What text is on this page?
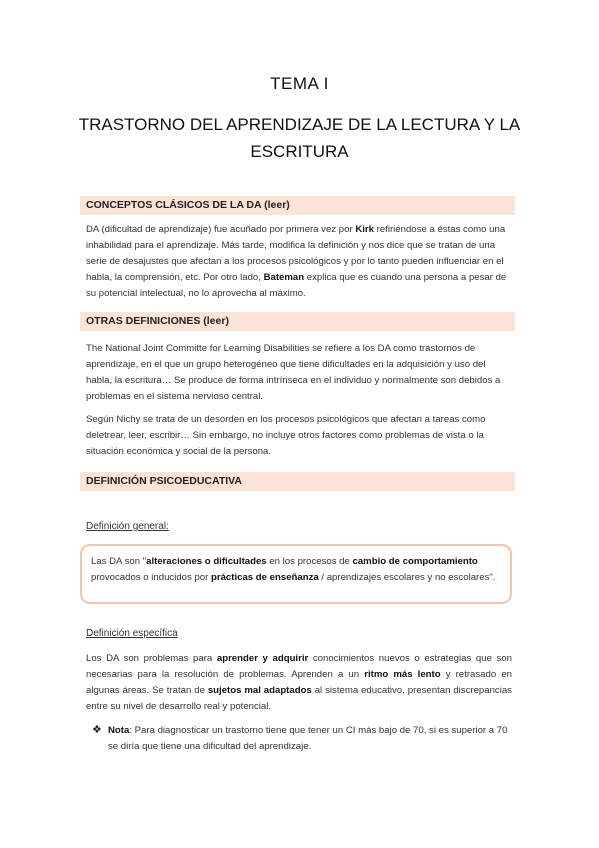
TEMA I
TRASTORNO DEL APRENDIZAJE DE LA LECTURA Y LA ESCRITURA
CONCEPTOS CLÁSICOS DE LA DA (leer)
DA (dificultad de aprendizaje) fue acuñado por primera vez por Kirk refiriéndose a éstas como una inhabilidad para el aprendizaje. Más tarde, modifica la definición y nos dice que se tratan de una serie de desajustes que afectan a los procesos psicológicos y por lo tanto pueden influenciar en el habla, la comprensión, etc. Por otro lado, Bateman explica que es cuando una persona a pesar de su potencial intelectual, no lo aprovecha al máximo.
OTRAS DEFINICIONES (leer)
The National Joint Committe for Learning Disabilities se refiere a los DA como trastornos de aprendizaje, en el que un grupo heterogéneo que tiene dificultades en la adquisición y uso del habla, la escritura… Se produce de forma intrínseca en el individuo y normalmente son debidos a problemas en el sistema nervioso central.
Según Nichy se trata de un desorden en los procesos psicológicos que afectan a tareas como deletrear, leer, escribir… Sin embargo, no incluye otros factores como problemas de vista o la situación económica y social de la persona.
DEFINICIÓN PSICOEDUCATIVA
Definición general:
Las DA son "alteraciones o dificultades en los procesos de cambio de comportamiento provocados o inducidos por prácticas de enseñanza / aprendizajes escolares y no escolares".
Definición específica
Los DA son problemas para aprender y adquirir conocimientos nuevos o estrategias que son necesarias para la resolución de problemas. Aprenden a un ritmo más lento y retrasado en algunas áreas. Se tratan de sujetos mal adaptados al sistema educativo, presentan discrepancias entre su nivel de desarrollo real y potencial.
❖ Nota: Para diagnosticar un trastorno tiene que tener un CI más bajo de 70, si es superior a 70 se diría que tiene una dificultad del aprendizaje.
